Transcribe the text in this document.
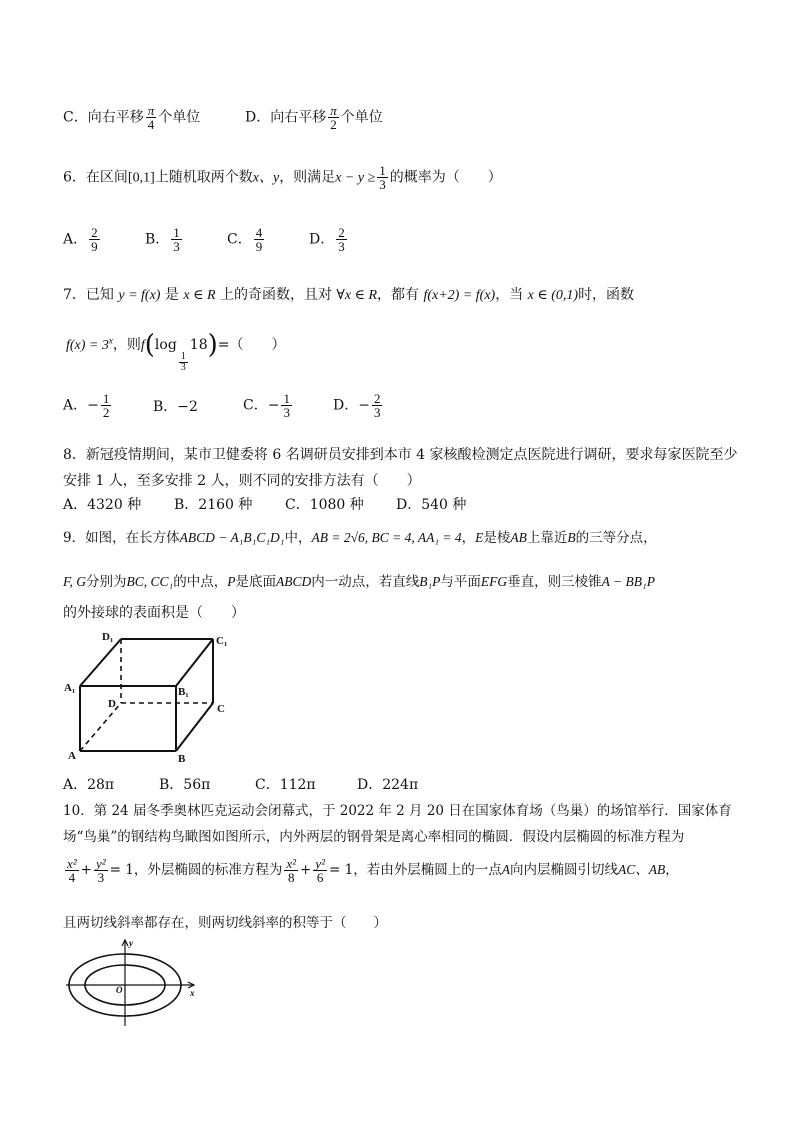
C．向右平移 $\frac{\pi}{4}$ 个单位	D．向右平移 $\frac{\pi}{2}$ 个单位
6．在区间[0,1]上随机取两个数x、y，则满足$x - y \ge \frac{1}{3}$ 的概率为（　　）
A． $\frac{2}{9}$	B． $\frac{1}{3}$	C． $\frac{4}{9}$	D． $\frac{2}{3}$
7．已知 y = f(x) 是 x ∈ R 上的奇函数，且对 ∀x ∈ R，都有 f(x+2) = f(x)，当 x ∈ (0,1)时，函数
$f(x) = 3^x$，则f(log
$\frac{1}{3}$
18)=（　　）
A．− $\frac{1}{2}$	B．−2	C．− $\frac{1}{3}$	D．− $\frac{2}{3}$
8．新冠疫情期间，某市卫健委将 6 名调研员安排到本市 4 家核酸检测定点医院进行调研，要求每家医院至少
安排 1 人，至多安排 2 人，则不同的安排方法有（　　）
A．4320 种 B．2160 种 C．1080 种 D．540 种
9．如图，在长方体ABCD − A₁B₁C₁D₁中，AB = 2√6, BC = 4, AA₁ = 4，E是棱AB上靠近B的三等分点，
F, G分别为BC, CC₁的中点，P是底面ABCD内一动点，若直线B₁P与平面EFG垂直，则三棱锥A − BB₁P
的外接球的表面积是（　　）
D₁	C₁
A₁	B₁
D	C
A	B
A．28π	B．56π	C．112π	D．224π
10．第 24 届冬季奥林匹克运动会闭幕式，于 2022 年 2 月 20 日在国家体育场（鸟巢）的场馆举行．国家体育
场“鸟巢”的钢结构鸟瞰图如图所示，内外两层的钢骨架是离心率相同的椭圆．假设内层椭圆的标准方程为
$\frac{\text{x²}}{4} + \frac{\text{y²}}{3} = 1$，外层椭圆的标准方程为 $\frac{\text{x²}}{8} + \frac{\text{y²}}{6} = 1$，若由外层椭圆上的一点A向内层椭圆引切线AC、AB，
且两切线斜率都存在，则两切线斜率的积等于（　　）
y
x
O
